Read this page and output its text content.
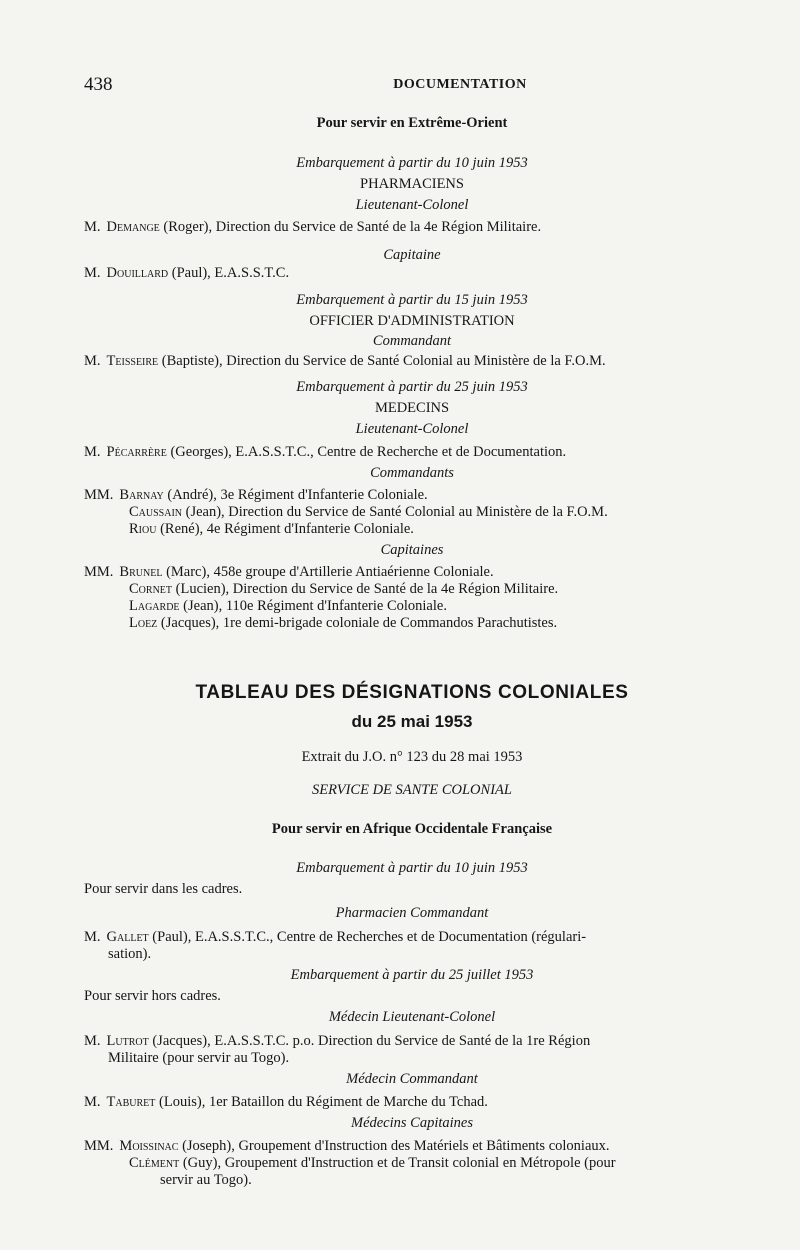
438	DOCUMENTATION
Pour servir en Extrême-Orient
Embarquement à partir du 10 juin 1953
PHARMACIENS
Lieutenant-Colonel
M. Demange (Roger), Direction du Service de Santé de la 4e Région Militaire.
Capitaine
M. Douillard (Paul), E.A.S.S.T.C.
Embarquement à partir du 15 juin 1953
OFFICIER D'ADMINISTRATION
Commandant
M. Teisseire (Baptiste), Direction du Service de Santé Colonial au Ministère de la F.O.M.
Embarquement à partir du 25 juin 1953
MEDECINS
Lieutenant-Colonel
M. Pécarrère (Georges), E.A.S.S.T.C., Centre de Recherche et de Documentation.
Commandants
MM. Barnay (André), 3e Régiment d'Infanterie Coloniale.
Caussain (Jean), Direction du Service de Santé Colonial au Ministère de la F.O.M.
Riou (René), 4e Régiment d'Infanterie Coloniale.
Capitaines
MM. Brunel (Marc), 458e groupe d'Artillerie Antiaérienne Coloniale.
Cornet (Lucien), Direction du Service de Santé de la 4e Région Militaire.
Lagarde (Jean), 110e Régiment d'Infanterie Coloniale.
Loez (Jacques), 1re demi-brigade coloniale de Commandos Parachutistes.
TABLEAU DES DÉSIGNATIONS COLONIALES
du 25 mai 1953
Extrait du J.O. n° 123 du 28 mai 1953
SERVICE DE SANTE COLONIAL
Pour servir en Afrique Occidentale Française
Embarquement à partir du 10 juin 1953
Pour servir dans les cadres.
Pharmacien Commandant
M. Gallet (Paul), E.A.S.S.T.C., Centre de Recherches et de Documentation (régulari-
sation).
Embarquement à partir du 25 juillet 1953
Pour servir hors cadres.
Médecin Lieutenant-Colonel
M. Lutrot (Jacques), E.A.S.S.T.C. p.o. Direction du Service de Santé de la 1re Région
Militaire (pour servir au Togo).
Médecin Commandant
M. Taburet (Louis), 1er Bataillon du Régiment de Marche du Tchad.
Médecins Capitaines
MM. Moissinac (Joseph), Groupement d'Instruction des Matériels et Bâtiments coloniaux.
Clément (Guy), Groupement d'Instruction et de Transit colonial en Métropole (pour
servir au Togo).
